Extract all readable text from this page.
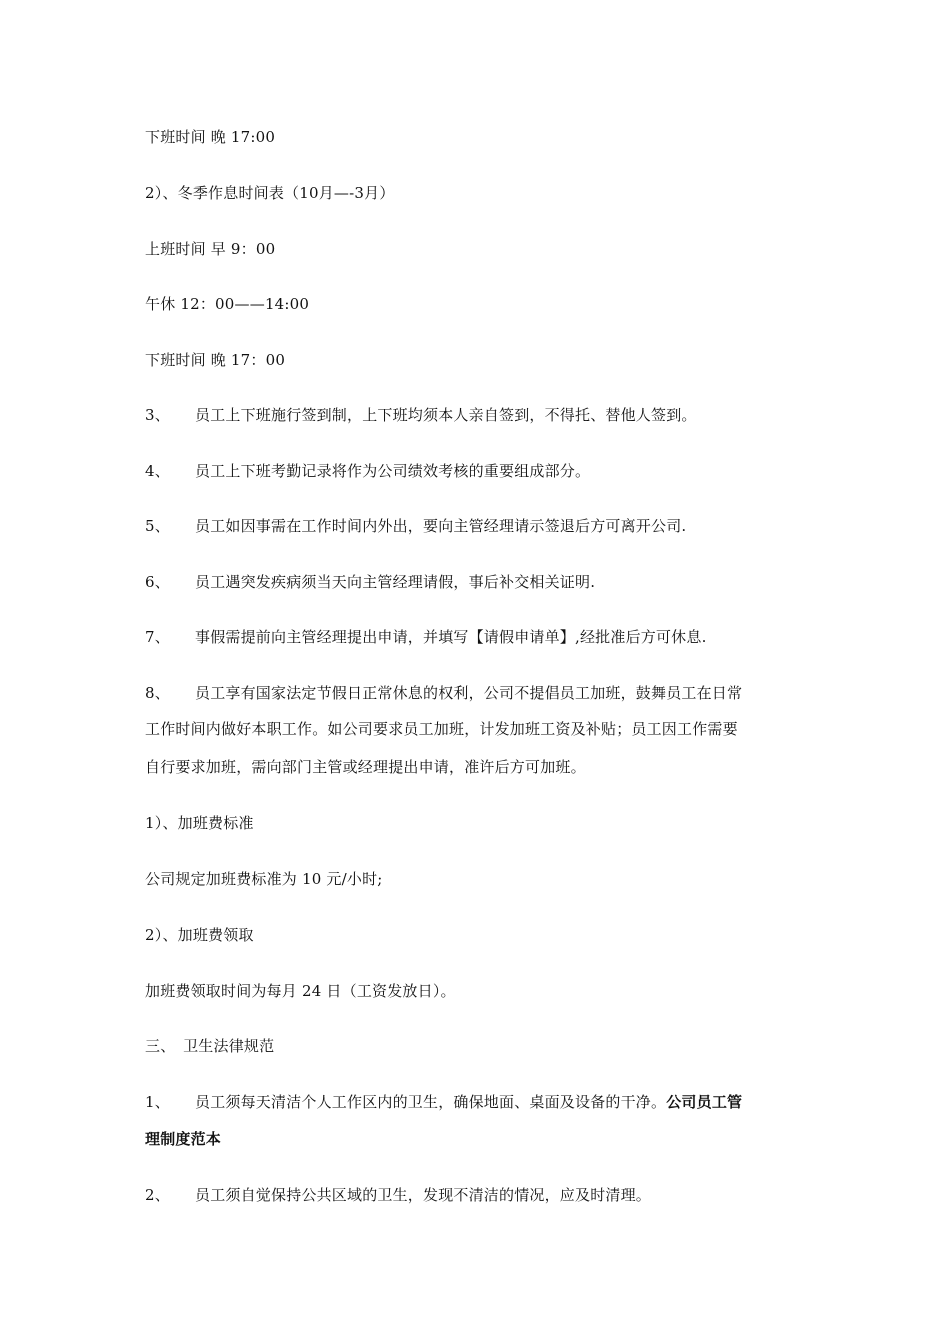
下班时间 晚 17:00
2）、冬季作息时间表（10月—-3月）
上班时间 早 9：00
午休 12：00——14:00
下班时间 晚 17：00
3、 员工上下班施行签到制，上下班均须本人亲自签到，不得托、替他人签到。
4、 员工上下班考勤记录将作为公司绩效考核的重要组成部分。
5、 员工如因事需在工作时间内外出，要向主管经理请示签退后方可离开公司.
6、 员工遇突发疾病须当天向主管经理请假，事后补交相关证明.
7、 事假需提前向主管经理提出申请，并填写【请假申请单】,经批准后方可休息.
8、 员工享有国家法定节假日正常休息的权利，公司不提倡员工加班，鼓舞员工在日常
工作时间内做好本职工作。如公司要求员工加班，计发加班工资及补贴；员工因工作需要
自行要求加班，需向部门主管或经理提出申请，准许后方可加班。
1）、加班费标准
公司规定加班费标准为 10 元/小时;
2）、加班费领取
加班费领取时间为每月 24 日（工资发放日）。
三、　卫生法律规范
1、 员工须每天清洁个人工作区内的卫生，确保地面、桌面及设备的干净。公司员工管
理制度范本
2、 员工须自觉保持公共区域的卫生，发现不清洁的情况，应及时清理。
